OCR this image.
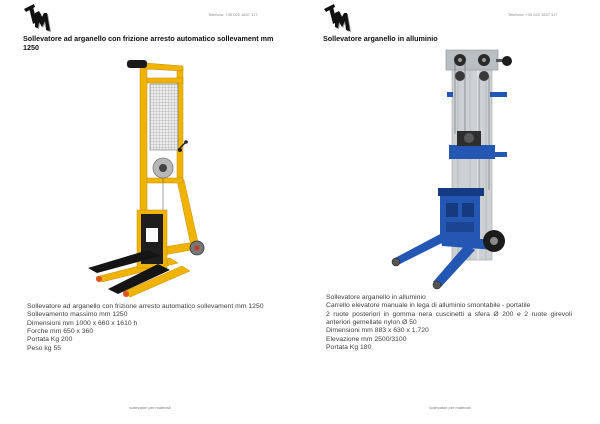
Telefono: +39 022 1837 117
Sollevatore ad arganello con frizione arresto automatico sollevament mm 1250
Sollevatore ad arganello con frizione arresto automatico sollevament mm 1250
Sollevamento massimo mm 1250
Dimensioni mm 1000 x 660 x 1610 h
Forche mm 650 x 360
Portata Kg 200
Peso kg 55
sollevatori per materiali
Telefono: +39 022 1837 117
Sollevatore arganello in alluminio
Sollevatore arganello in alluminio
Carrello elevatore manuale in lega di alluminio smontabile - portatile
2 ruote posteriori in gomma nera cuscinetti a sfera Ø 200 e 2 ruote girevoli anteriori gemellate nylon Ø 50
Dimensioni mm 883 x 630 x 1.720
Elevazione mm 2500/3100
Portata Kg 180
sollevatori per materiali
